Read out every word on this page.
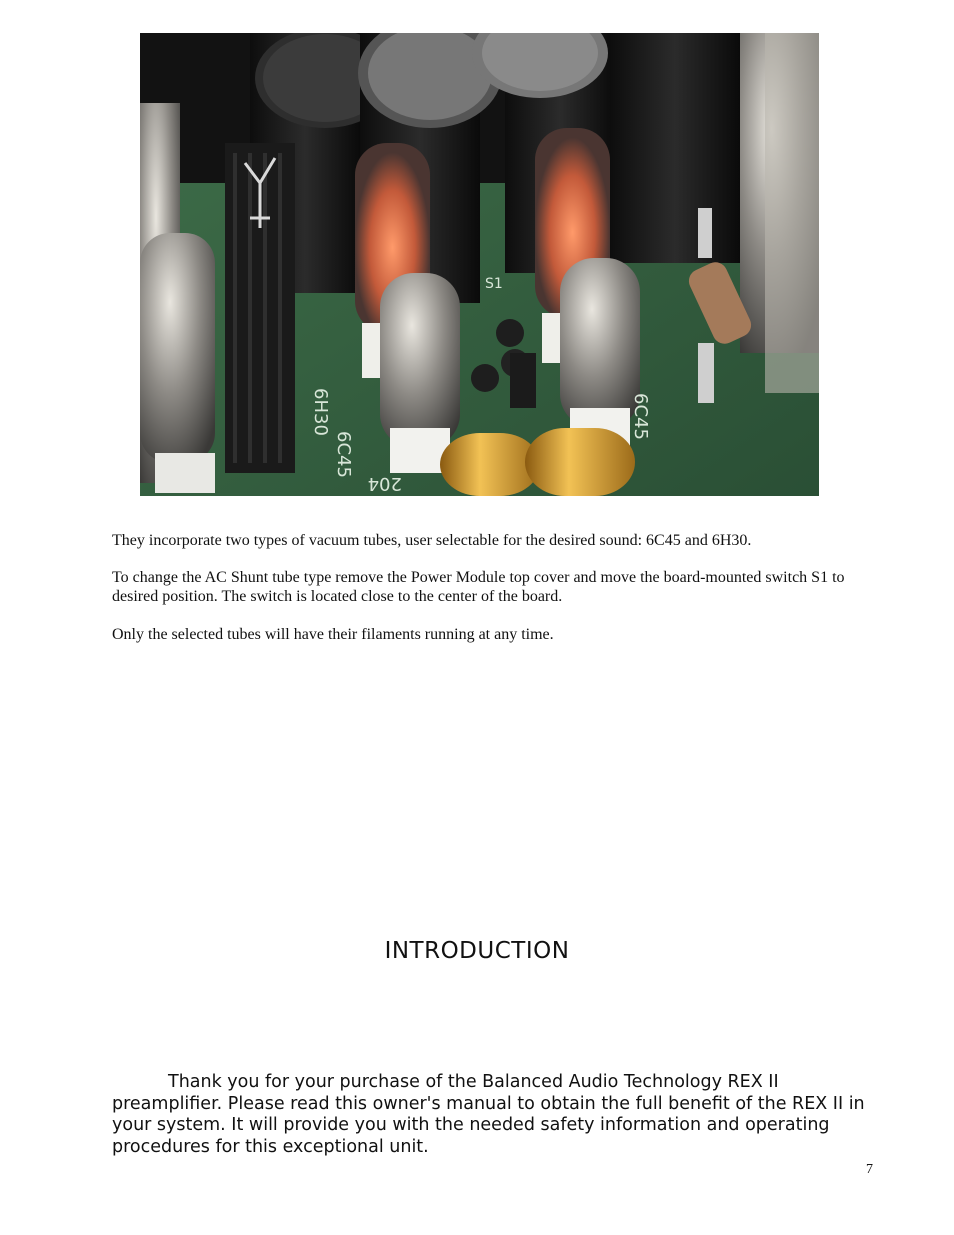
6H30
6C45
6C45
204
S1
They incorporate two types of vacuum tubes, user selectable for the desired sound: 6C45 and 6H30.
To change the AC Shunt tube type remove the Power Module top cover and move the board-mounted switch S1 to desired position. The switch is located close to the center of the board.
Only the selected tubes will have their filaments running at any time.
INTRODUCTION
Thank you for your purchase of the Balanced Audio Technology REX II preamplifier. Please read this owner's manual to obtain the full benefit of the REX II in your system. It will provide you with the needed safety information and operating procedures for this exceptional unit.
7
